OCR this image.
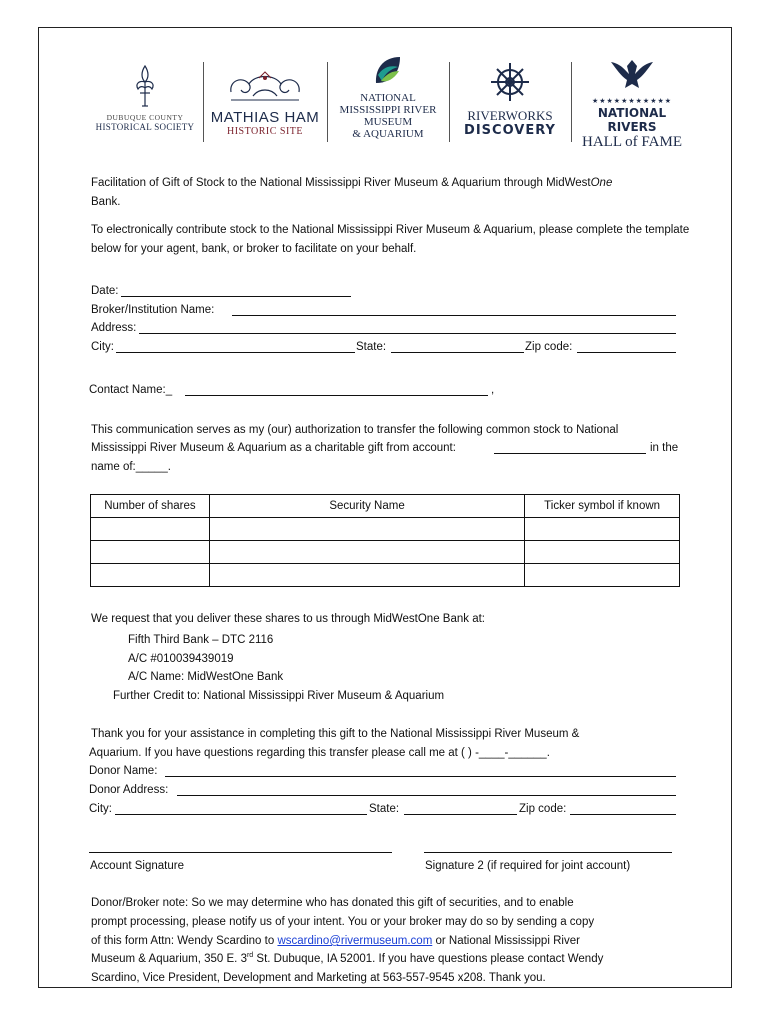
DUBUQUE COUNTY
HISTORICAL SOCIETY
MATHIAS HAM
HISTORIC SITE
NATIONAL
MISSISSIPPI RIVER
MUSEUM
& AQUARIUM
RIVERWORKS
DISCOVERY
★★★★★★★★★★★
NATIONAL RIVERS
HALL of FAME
Facilitation of Gift of Stock to the National Mississippi River Museum & Aquarium through MidWestOne
Bank.
To electronically contribute stock to the National Mississippi River Museum & Aquarium, please complete the template below for your agent, bank, or broker to facilitate on your behalf.
Date:
Broker/Institution Name:
Address:
City:	State:	Zip code:
Contact Name:_	,
This communication serves as my (our) authorization to transfer the following common stock to National
Mississippi River Museum & Aquarium as a charitable gift from account:	in the
name of:_____.
Number of shares	Security Name	Ticker symbol if known

We request that you deliver these shares to us through MidWestOne Bank at:
Fifth Third Bank – DTC 2116
A/C #010039439019
A/C Name: MidWestOne Bank
Further Credit to: National Mississippi River Museum & Aquarium
Thank you for your assistance in completing this gift to the National Mississippi River Museum &
Aquarium. If you have questions regarding this transfer please call me at ( ) -____-______.
Donor Name:
Donor Address:
City:	State:	Zip code:
Account Signature	Signature 2 (if required for joint account)
Donor/Broker note: So we may determine who has donated this gift of securities, and to enable
prompt processing, please notify us of your intent. You or your broker may do so by sending a copy
of this form Attn: Wendy Scardino to wscardino@rivermuseum.com or National Mississippi River
Museum & Aquarium, 350 E. 3rd St. Dubuque, IA 52001. If you have questions please contact Wendy
Scardino, Vice President, Development and Marketing at 563-557-9545 x208. Thank you.
